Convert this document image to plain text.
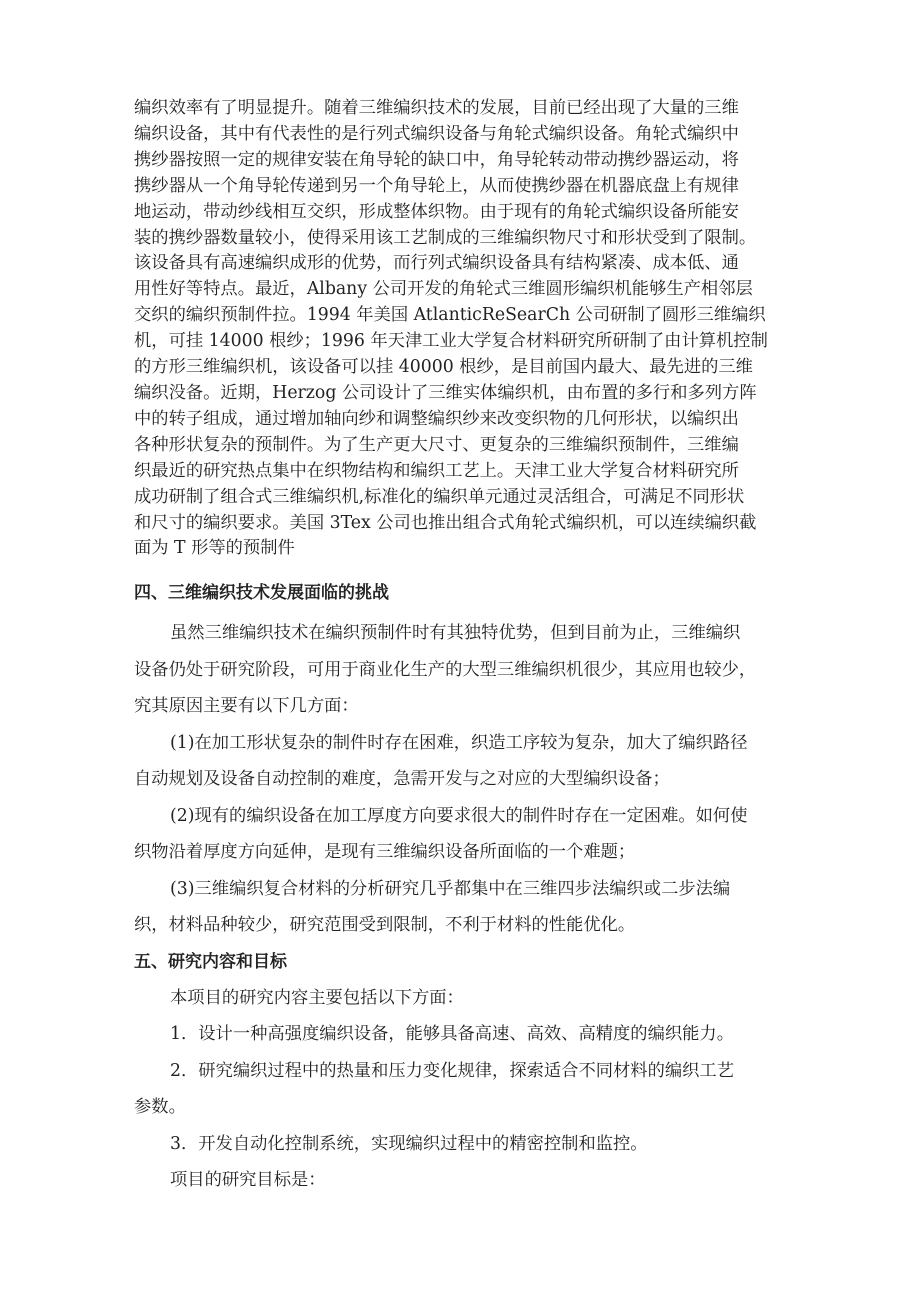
编织效率有了明显提升。随着三维编织技术的发展，目前已经出现了大量的三维
编织设备，其中有代表性的是行列式编织设备与角轮式编织设备。角轮式编织中
携纱器按照一定的规律安装在角导轮的缺口中，角导轮转动带动携纱器运动，将
携纱器从一个角导轮传递到另一个角导轮上，从而使携纱器在机器底盘上有规律
地运动，带动纱线相互交织，形成整体织物。由于现有的角轮式编织设备所能安
装的携纱器数量较小，使得采用该工艺制成的三维编织物尺寸和形状受到了限制。
该设备具有高速编织成形的优势，而行列式编织设备具有结构紧凑、成本低、通
用性好等特点。最近，Albany 公司开发的角轮式三维圆形编织机能够生产相邻层
交织的编织预制件拉。1994 年美国 AtlanticReSearCh 公司研制了圆形三维编织
机，可挂 14000 根纱；1996 年天津工业大学复合材料研究所研制了由计算机控制
的方形三维编织机，该设备可以挂 40000 根纱，是目前国内最大、最先进的三维
编织没备。近期，Herzog 公司设计了三维实体编织机，由布置的多行和多列方阵
中的转子组成，通过增加轴向纱和调整编织纱来改变织物的几何形状，以编织出
各种形状复杂的预制件。为了生产更大尺寸、更复杂的三维编织预制件，三维编
织最近的研究热点集中在织物结构和编织工艺上。天津工业大学复合材料研究所
成功研制了组合式三维编织机,标准化的编织单元通过灵活组合，可满足不同形状
和尺寸的编织要求。美国 3Tex 公司也推出组合式角轮式编织机，可以连续编织截
面为 T 形等的预制件
四、三维编织技术发展面临的挑战
虽然三维编织技术在编织预制件时有其独特优势，但到目前为止，三维编织
设备仍处于研究阶段，可用于商业化生产的大型三维编织机很少，其应用也较少，
究其原因主要有以下几方面：
(1)在加工形状复杂的制件时存在困难，织造工序较为复杂，加大了编织路径
自动规划及设备自动控制的难度，急需开发与之对应的大型编织设备；
(2)现有的编织设备在加工厚度方向要求很大的制件时存在一定困难。如何使
织物沿着厚度方向延伸，是现有三维编织设备所面临的一个难题；
(3)三维编织复合材料的分析研究几乎都集中在三维四步法编织或二步法编
织，材料品种较少，研究范围受到限制，不利于材料的性能优化。
五、研究内容和目标
本项目的研究内容主要包括以下方面：
1．设计一种高强度编织设备，能够具备高速、高效、高精度的编织能力。
2．研究编织过程中的热量和压力变化规律，探索适合不同材料的编织工艺
参数。
3．开发自动化控制系统，实现编织过程中的精密控制和监控。
项目的研究目标是：
